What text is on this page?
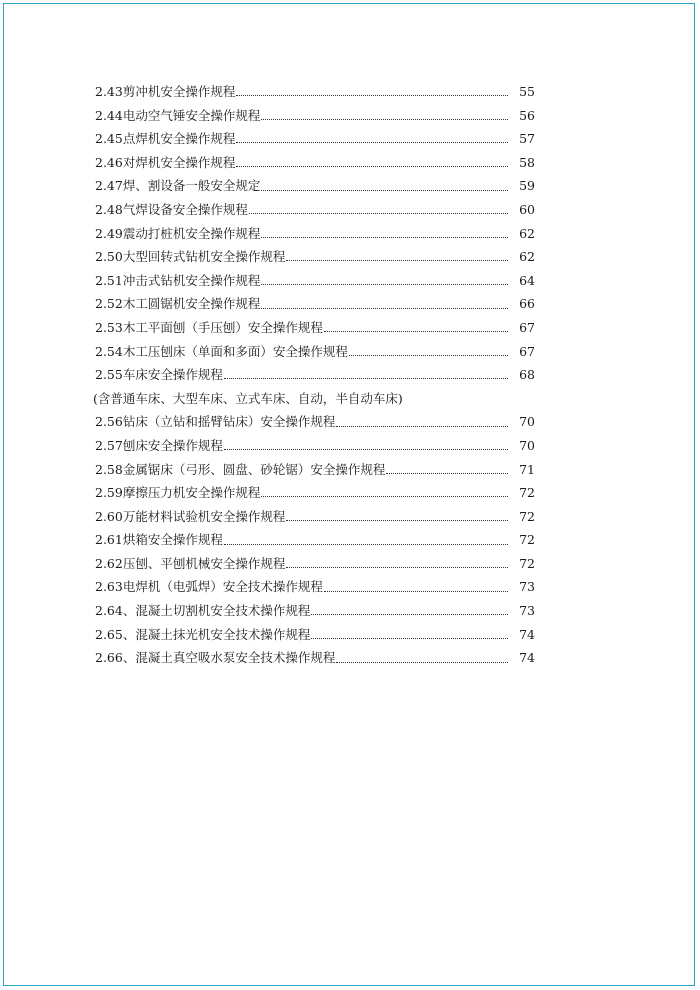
2.43 剪冲机安全操作规程	55
2.44 电动空气锤安全操作规程	56
2.45 点焊机安全操作规程	57
2.46 对焊机安全操作规程	58
2.47 焊、割设备一般安全规定	59
2.48 气焊设备安全操作规程	60
2.49 震动打桩机安全操作规程	62
2.50 大型回转式钻机安全操作规程	62
2.51 冲击式钻机安全操作规程	64
2.52 木工圆锯机安全操作规程	66
2.53 木工平面刨（手压刨）安全操作规程	67
2.54 木工压刨床（单面和多面）安全操作规程	67
2.55 车床安全操作规程	68
(含普通车床、大型车床、立式车床、自动，半自动车床)
2.56 钻床（立钻和摇臂钻床）安全操作规程	70
2.57 刨床安全操作规程	70
2.58 金属锯床（弓形、圆盘、砂轮锯）安全操作规程	71
2.59 摩擦压力机安全操作规程	72
2.60 万能材料试验机安全操作规程	72
2.61 烘箱安全操作规程	72
2.62 压刨、平刨机械安全操作规程	72
2.63 电焊机（电弧焊）安全技术操作规程	73
2.64、 混凝土切割机安全技术操作规程	73
2.65、 混凝土抹光机安全技术操作规程	74
2.66、 混凝土真空吸水泵安全技术操作规程	74
